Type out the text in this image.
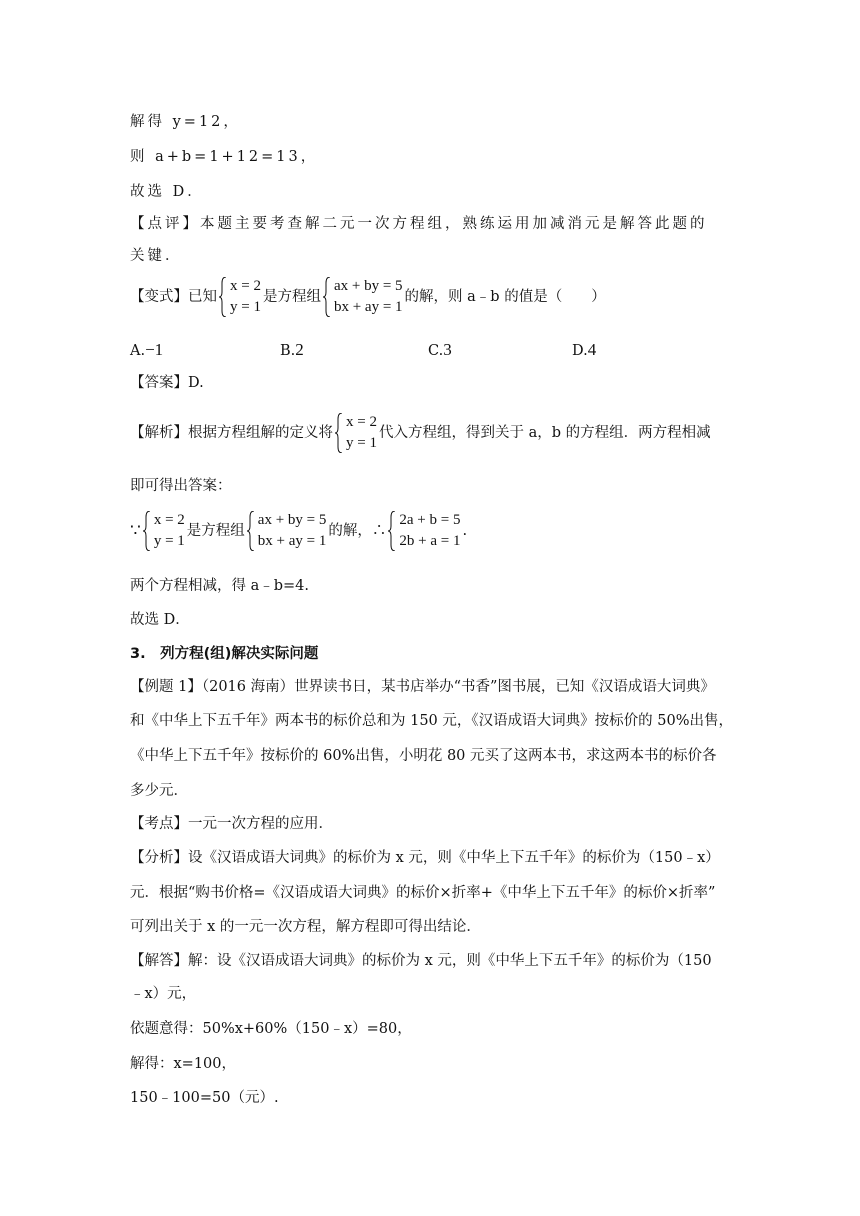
解得 y=12，
则 a+b=1+12=13，
故选 D．
【点评】本题主要考查解二元一次方程组，熟练运用加减消元是解答此题的
关键．
【变式】已知
x = 2
y = 1
是方程组
ax + by = 5
bx + ay = 1
的解，则 a﹣b 的值是（　　）
A.−1	B.2	C.3	D.4
【答案】D.
【解析】根据方程组解的定义将
x = 2
y = 1
代入方程组，得到关于 a，b 的方程组．两方程相减
即可得出答案：
∵
x = 2
y = 1
是方程组
ax + by = 5
bx + ay = 1
的解，∴
2a + b = 5
2b + a = 1
.
两个方程相减，得 a﹣b=4.
故选 D．
3.　列方程(组)解决实际问题
【例题 1】（2016 海南）世界读书日，某书店举办“书香”图书展，已知《汉语成语大词典》
和《中华上下五千年》两本书的标价总和为 150 元，《汉语成语大词典》按标价的 50%出售，
《中华上下五千年》按标价的 60%出售，小明花 80 元买了这两本书，求这两本书的标价各
多少元．
【考点】一元一次方程的应用．
【分析】设《汉语成语大词典》的标价为 x 元，则《中华上下五千年》的标价为（150﹣x）
元．根据“购书价格=《汉语成语大词典》的标价×折率+《中华上下五千年》的标价×折率”
可列出关于 x 的一元一次方程，解方程即可得出结论．
【解答】解：设《汉语成语大词典》的标价为 x 元，则《中华上下五千年》的标价为（150
﹣x）元，
依题意得：50%x+60%（150﹣x）=80，
解得：x=100，
150﹣100=50（元）.
